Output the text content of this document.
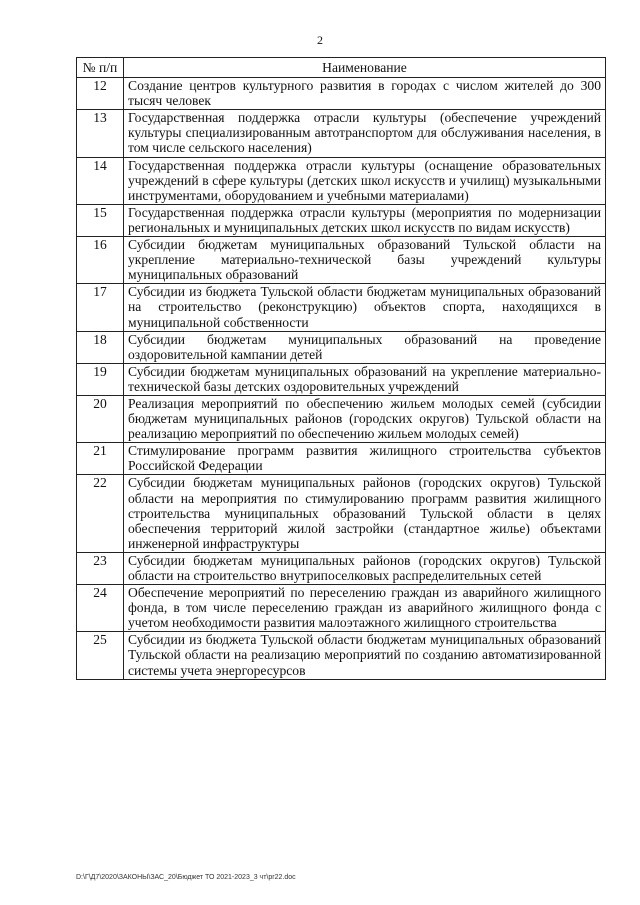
2
№ п/п	Наименование
12	Создание центров культурного развития в городах с числом жителей до 300 тысяч человек
13	Государственная поддержка отрасли культуры (обеспечение учреждений культуры специализированным автотранспортом для обслуживания населения, в том числе сельского населения)
14	Государственная поддержка отрасли культуры (оснащение образовательных учреждений в сфере культуры (детских школ искусств и училищ) музыкальными инструментами, оборудованием и учебными материалами)
15	Государственная поддержка отрасли культуры (мероприятия по модернизации региональных и муниципальных детских школ искусств по видам искусств)
16	Субсидии бюджетам муниципальных образований Тульской области на укрепление материально-технической базы учреждений культуры муниципальных образований
17	Субсидии из бюджета Тульской области бюджетам муниципальных образований на строительство (реконструкцию) объектов спорта, находящихся в муниципальной собственности
18	Субсидии бюджетам муниципальных образований на проведение оздоровительной кампании детей
19	Субсидии бюджетам муниципальных образований на укрепление материально-технической базы детских оздоровительных учреждений
20	Реализация мероприятий по обеспечению жильем молодых семей (субсидии бюджетам муниципальных районов (городских округов) Тульской области на реализацию мероприятий по обеспечению жильем молодых семей)
21	Стимулирование программ развития жилищного строительства субъектов Российской Федерации
22	Субсидии бюджетам муниципальных районов (городских округов) Тульской области на мероприятия по стимулированию программ развития жилищного строительства муниципальных образований Тульской области в целях обеспечения территорий жилой застройки (стандартное жилье) объектами инженерной инфраструктуры
23	Субсидии бюджетам муниципальных районов (городских округов) Тульской области на строительство внутрипоселковых распределительных сетей
24	Обеспечение мероприятий по переселению граждан из аварийного жилищного фонда, в том числе переселению граждан из аварийного жилищного фонда с учетом необходимости развития малоэтажного жилищного строительства
25	Субсидии из бюджета Тульской области бюджетам муниципальных образований Тульской области на реализацию мероприятий по созданию автоматизированной системы учета энергоресурсов
D:\Г\Д7\2020\ЗАКОНЫ\ЗАС_20\Бюджет ТО 2021-2023_3 чт\pr22.doc
